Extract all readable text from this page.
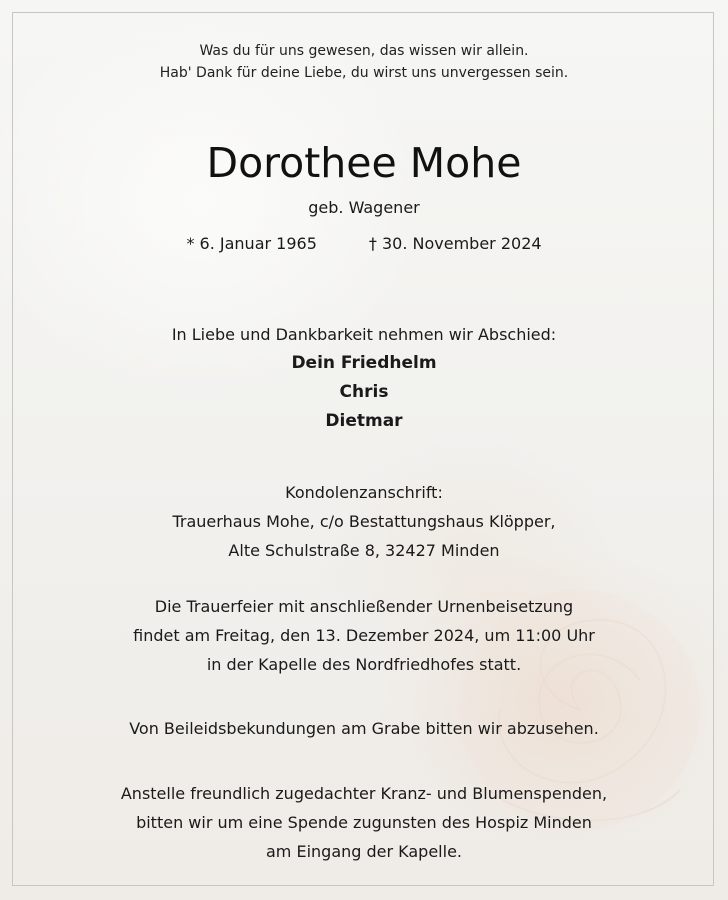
Was du für uns gewesen, das wissen wir allein.
Hab' Dank für deine Liebe, du wirst uns unvergessen sein.
Dorothee Mohe
geb. Wagener
* 6. Januar 1965	† 30. November 2024
In Liebe und Dankbarkeit nehmen wir Abschied:
Dein Friedhelm
Chris
Dietmar
Kondolenzanschrift:
Trauerhaus Mohe, c/o Bestattungshaus Klöpper,
Alte Schulstraße 8, 32427 Minden
Die Trauerfeier mit anschließender Urnenbeisetzung
findet am Freitag, den 13. Dezember 2024, um 11:00 Uhr
in der Kapelle des Nordfriedhofes statt.
Von Beileidsbekundungen am Grabe bitten wir abzusehen.
Anstelle freundlich zugedachter Kranz- und Blumenspenden,
bitten wir um eine Spende zugunsten des Hospiz Minden
am Eingang der Kapelle.
